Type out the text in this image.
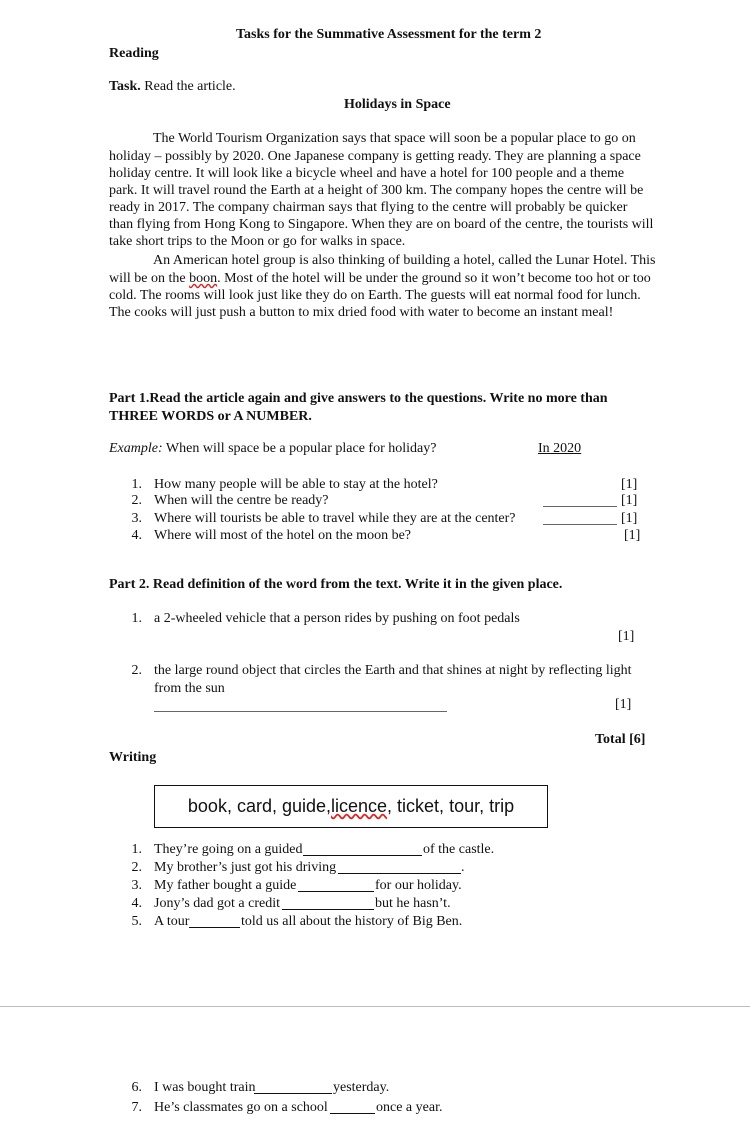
Tasks for the Summative Assessment for the term 2
Reading
Task. Read the article.
Holidays in Space
The World Tourism Organization says that space will soon be a popular place to go on
holiday – possibly by 2020. One Japanese company is getting ready. They are planning a space
holiday centre. It will look like a bicycle wheel and have a hotel for 100 people and a theme
park. It will travel round the Earth at a height of 300 km. The company hopes the centre will be
ready in 2017. The company chairman says that flying to the centre will probably be quicker
than flying from Hong Kong to Singapore. When they are on board of the centre, the tourists will
take short trips to the Moon or go for walks in space.
An American hotel group is also thinking of building a hotel, called the Lunar Hotel. This
will be on the boon. Most of the hotel will be under the ground so it won’t become too hot or too
cold. The rooms will look just like they do on Earth. The guests will eat normal food for lunch.
The cooks will just push a button to mix dried food with water to become an instant meal!
Part 1.Read the article again and give answers to the questions. Write no more than
THREE WORDS or A NUMBER.
Example: When will space be a popular place for holiday?	In 2020
1. How many people will be able to stay at the hotel?	[1]
2. When will the centre be ready?	[1]
3. Where will tourists be able to travel while they are at the center?	[1]
4. Where will most of the hotel on the moon be?	[1]
Part 2. Read definition of the word from the text. Write it in the given place.
1. a 2-wheeled vehicle that a person rides by pushing on foot pedals
[1]
2. the large round object that circles the Earth and that shines at night by reflecting light
from the sun
[1]
Total [6]
Writing
book, card, guide, licence , ticket, tour, trip
1. They’re going on a guided	of the castle.
2. My brother’s just got his driving	.
3. My father bought a guide	for our holiday.
4. Jony’s dad got a credit	but he hasn’t.
5. A tour	told us all about the history of Big Ben.
6. I was bought train	yesterday.
7. He’s classmates go on a school	once a year.
